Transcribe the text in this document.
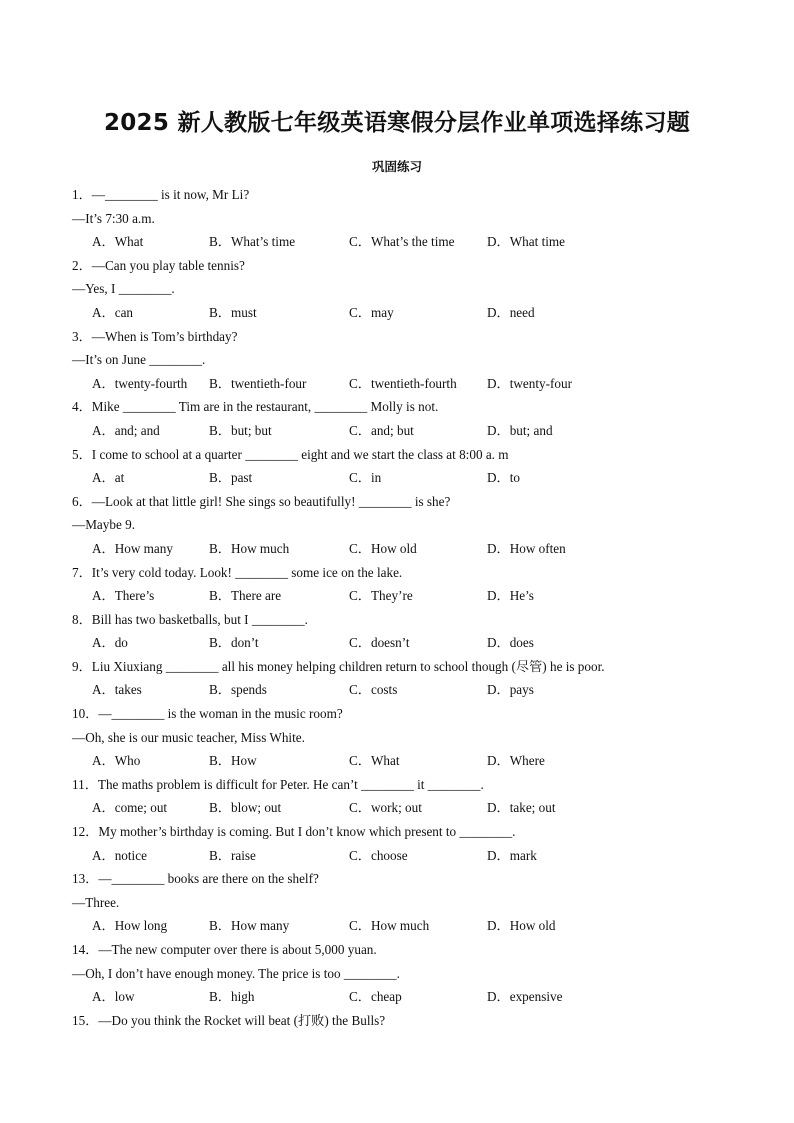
2025 新人教版七年级英语寒假分层作业单项选择练习题
巩固练习
1．—________ is it now, Mr Li?
—It’s 7:30 a.m.
A．What	B．What’s time	C．What’s the time D．What time
2．—Can you play table tennis?
—Yes, I ________.
A．can	B．must	C．may	D．need
3．—When is Tom’s birthday?
—It’s on June ________.
A．twenty-fourth B．twentieth-four	C．twentieth-fourth D．twenty-four
4．Mike ________ Tim are in the restaurant, ________ Molly is not.
A．and; and	B．but; but	C．and; but	D．but; and
5．I come to school at a quarter ________ eight and we start the class at 8:00 a. m
A．at	B．past	C．in	D．to
6．—Look at that little girl! She sings so beautifully! ________ is she?
—Maybe 9.
A．How many	B．How much	C．How old	D．How often
7．It’s very cold today. Look! ________ some ice on the lake.
A．There’s	B．There are	C．They’re	D．He’s
8．Bill has two basketballs, but I ________.
A．do	B．don’t	C．doesn’t	D．does
9．Liu Xiuxiang ________ all his money helping children return to school though (尽管) he is poor.
A．takes	B．spends	C．costs	D．pays
10．—________ is the woman in the music room?
—Oh, she is our music teacher, Miss White.
A．Who	B．How	C．What	D．Where
11．The maths problem is difficult for Peter. He can’t ________ it ________.
A．come; out	B．blow; out	C．work; out	D．take; out
12．My mother’s birthday is coming. But I don’t know which present to ________.
A．notice	B．raise	C．choose	D．mark
13．—________ books are there on the shelf?
—Three.
A．How long	B．How many	C．How much	D．How old
14．—The new computer over there is about 5,000 yuan.
—Oh, I don’t have enough money. The price is too ________.
A．low	B．high	C．cheap	D．expensive
15．—Do you think the Rocket will beat (打败) the Bulls?
